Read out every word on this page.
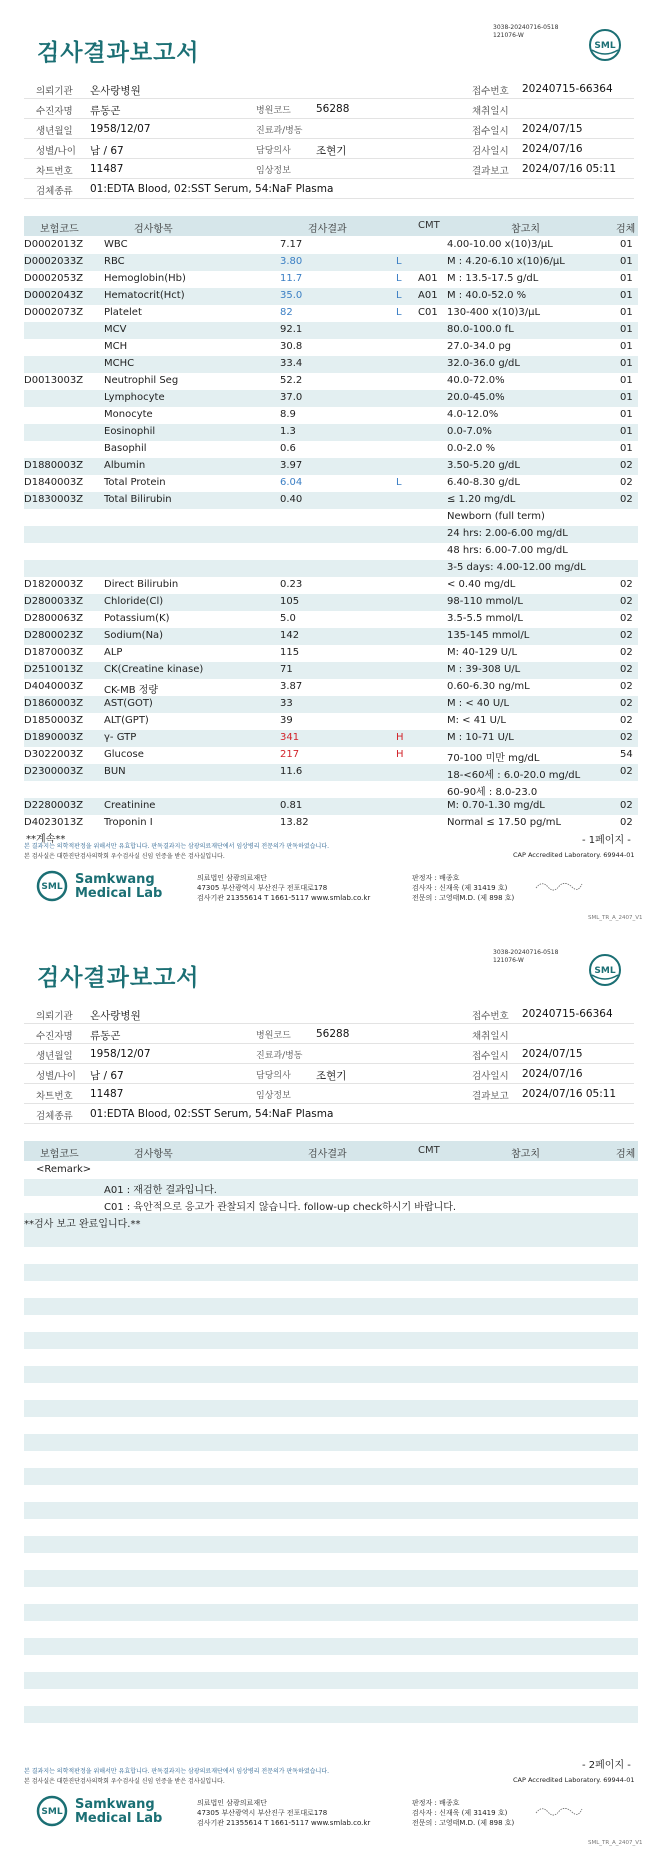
검사결과보고서
3038-20240716-0518
121076-W
SML
의뢰기관 온사랑병원	접수번호 20240715-66364
수진자명 류동곤	병원코드 56288	채취일시
생년월일 1958/12/07	진료과/병동	접수일시 2024/07/15
성별/나이 남 / 67	담당의사 조현기	검사일시 2024/07/16
차트번호 11487	임상정보	결과보고 2024/07/16 05:11
검체종류 01:EDTA Blood, 02:SST Serum, 54:NaF Plasma
보험코드	검사항목	검사결과	CMT	참고치	검체
D0002013Z WBC	7.17	4.00-10.00 x(10)3/µL	01
D0002033Z RBC	3.80	L	M : 4.20-6.10 x(10)6/µL	01
D0002053Z Hemoglobin(Hb)	11.7	L A01 M : 13.5-17.5 g/dL	01
D0002043Z Hematocrit(Hct)	35.0	L A01 M : 40.0-52.0 %	01
D0002073Z Platelet	82	L C01 130-400 x(10)3/µL	01
MCV	92.1	80.0-100.0 fL	01
MCH	30.8	27.0-34.0 pg	01
MCHC	33.4	32.0-36.0 g/dL	01
D0013003Z Neutrophil Seg	52.2	40.0-72.0%	01
Lymphocyte	37.0	20.0-45.0%	01
Monocyte	8.9	4.0-12.0%	01
Eosinophil	1.3	0.0-7.0%	01
Basophil	0.6	0.0-2.0 %	01
D1880003Z Albumin	3.97	3.50-5.20 g/dL	02
D1840003Z Total Protein	6.04	L	6.40-8.30 g/dL	02
D1830003Z Total Bilirubin	0.40	≤ 1.20 mg/dL	02
Newborn (full term)
24 hrs: 2.00-6.00 mg/dL
48 hrs: 6.00-7.00 mg/dL
3-5 days: 4.00-12.00 mg/dL
D1820003Z Direct Bilirubin	0.23	< 0.40 mg/dL	02
D2800033Z Chloride(Cl)	105	98-110 mmol/L	02
D2800063Z Potassium(K)	5.0	3.5-5.5 mmol/L	02
D2800023Z Sodium(Na)	142	135-145 mmol/L	02
D1870003Z ALP	115	M: 40-129 U/L	02
D2510013Z CK(Creatine kinase)	71	M : 39-308 U/L	02
D4040003Z CK-MB 정량	3.87	0.60-6.30 ng/mL	02
D1860003Z AST(GOT)	33	M : < 40 U/L	02
D1850003Z ALT(GPT)	39	M: < 41 U/L	02
D1890003Z γ- GTP	341	H	M : 10-71 U/L	02
D3022003Z Glucose	217	H	70-100 미만 mg/dL	54
D2300003Z BUN	11.6	18-<60세 : 6.0-20.0 mg/dL	02
60-90세 : 8.0-23.0
D2280003Z Creatinine	0.81	M: 0.70-1.30 mg/dL	02
D4023013Z Troponin I	13.82	Normal ≤ 17.50 pg/mL	02
**계속**	- 1페이지 -
본 결과지는 의학적판정을 위해서만 유효합니다. 판독결과지는 삼광의료재단에서 임상병리 전문의가 판독하였습니다.
본 검사실은 대한진단검사의학회 우수검사실 신임 인증을 받은 검사실입니다.	CAP Accredited Laboratory. 69944-01
SML Samkwang
Medical Lab
의료법인 삼광의료재단
47305 부산광역시 부산진구 전포대로178
검사기관 21355614 T 1661-5117 www.smlab.co.kr
판정자 : 배종호
검사자 : 신재욱 (제 31419 호)
전문의 : 고영태M.D. (제 898 호)
SML_TR_A_2407_V1
검사결과보고서
3038-20240716-0518
121076-W
SML
의뢰기관 온사랑병원	접수번호 20240715-66364
수진자명 류동곤	병원코드 56288	채취일시
생년월일 1958/12/07	진료과/병동	접수일시 2024/07/15
성별/나이 남 / 67	담당의사 조현기	검사일시 2024/07/16
차트번호 11487	임상정보	결과보고 2024/07/16 05:11
검체종류 01:EDTA Blood, 02:SST Serum, 54:NaF Plasma
보험코드	검사항목	검사결과	CMT	참고치	검체
<Remark>
A01 : 재검한 결과입니다.
C01 : 육안적으로 응고가 관찰되지 않습니다. follow-up check하시기 바랍니다.
**검사 보고 완료입니다.**
- 2페이지 -
본 결과지는 의학적판정을 위해서만 유효합니다. 판독결과지는 삼광의료재단에서 임상병리 전문의가 판독하였습니다.
본 검사실은 대한진단검사의학회 우수검사실 신임 인증을 받은 검사실입니다.	CAP Accredited Laboratory. 69944-01
SML Samkwang
Medical Lab
의료법인 삼광의료재단
47305 부산광역시 부산진구 전포대로178
검사기관 21355614 T 1661-5117 www.smlab.co.kr
판정자 : 배종호
검사자 : 신재욱 (제 31419 호)
전문의 : 고영태M.D. (제 898 호)
SML_TR_A_2407_V1
